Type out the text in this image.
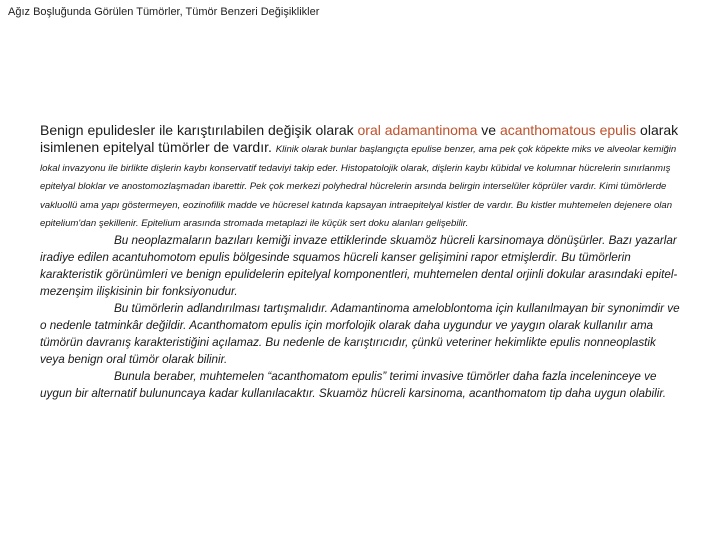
Ağız Boşluğunda Görülen Tümörler, Tümör Benzeri Değişiklikler

Benign epulidesler ile karıştırılabilen değişik olarak oral adamantinoma ve acanthomatous epulis olarak isimlenen epitelyal tümörler de vardır. Klinik olarak bunlar başlangıçta epulise benzer, ama pek çok köpekte miks ve alveolar kemiğin lokal invazyonu ile birlikte dişlerin kaybı konservatif tedaviyi takip eder. Histopatolojik olarak, dişlerin kaybı kübidal ve kolumnar hücrelerin sınırlanmış epitelyal bloklar ve anostomozlaşmadan ibarettir. Pek çok merkezi polyhedral hücrelerin arsında belirgin interselüler köprüler vardır. Kimi tümörlerde vakluollü ama yapı göstermeyen, eozinofilik madde ve hücresel katında kapsayan intraepitelyal kistler de vardır. Bu kistler muhtemelen dejenere olan epitelium'dan şekillenir. Epitelium arasında stromada metaplazi ile küçük sert doku alanları gelişebilir.

Bu neoplazmaların bazıları kemiği invaze ettiklerinde skuamöz hücreli karsinomaya dönüşürler. Bazı yazarlar iradiye edilen acantuhomotom epulis bölgesinde squamos hücreli kanser gelişimini rapor etmişlerdir. Bu tümörlerin karakteristik görünümleri ve benign epulidelerin epitelyal komponentleri, muhtemelen dental orjinli dokular arasındaki epitel-mezenşim ilişkisinin bir fonksiyonudur.

Bu tümörlerin adlandırılması tartışmalıdır. Adamantinoma ameloblontoma için kullanılmayan bir synonimdir ve o nedenle tatminkâr değildir. Acanthomatom epulis için morfolojik olarak daha uygundur ve yaygın olarak kullanılır ama tümörün davranış karakteristiğini açılamaz. Bu nedenle de karıştırıcıdır, çünkü veteriner hekimlikte epulis nonneoplastik veya benign oral tümör olarak bilinir.

Bunula beraber, muhtemelen “acanthomatom epulis” terimi invasive tümörler daha fazla inceleninceye ve uygun bir alternatif bulununcaya kadar kullanılacaktır. Skuamöz hücreli karsinoma, acanthomatom tip daha uygun olabilir.
